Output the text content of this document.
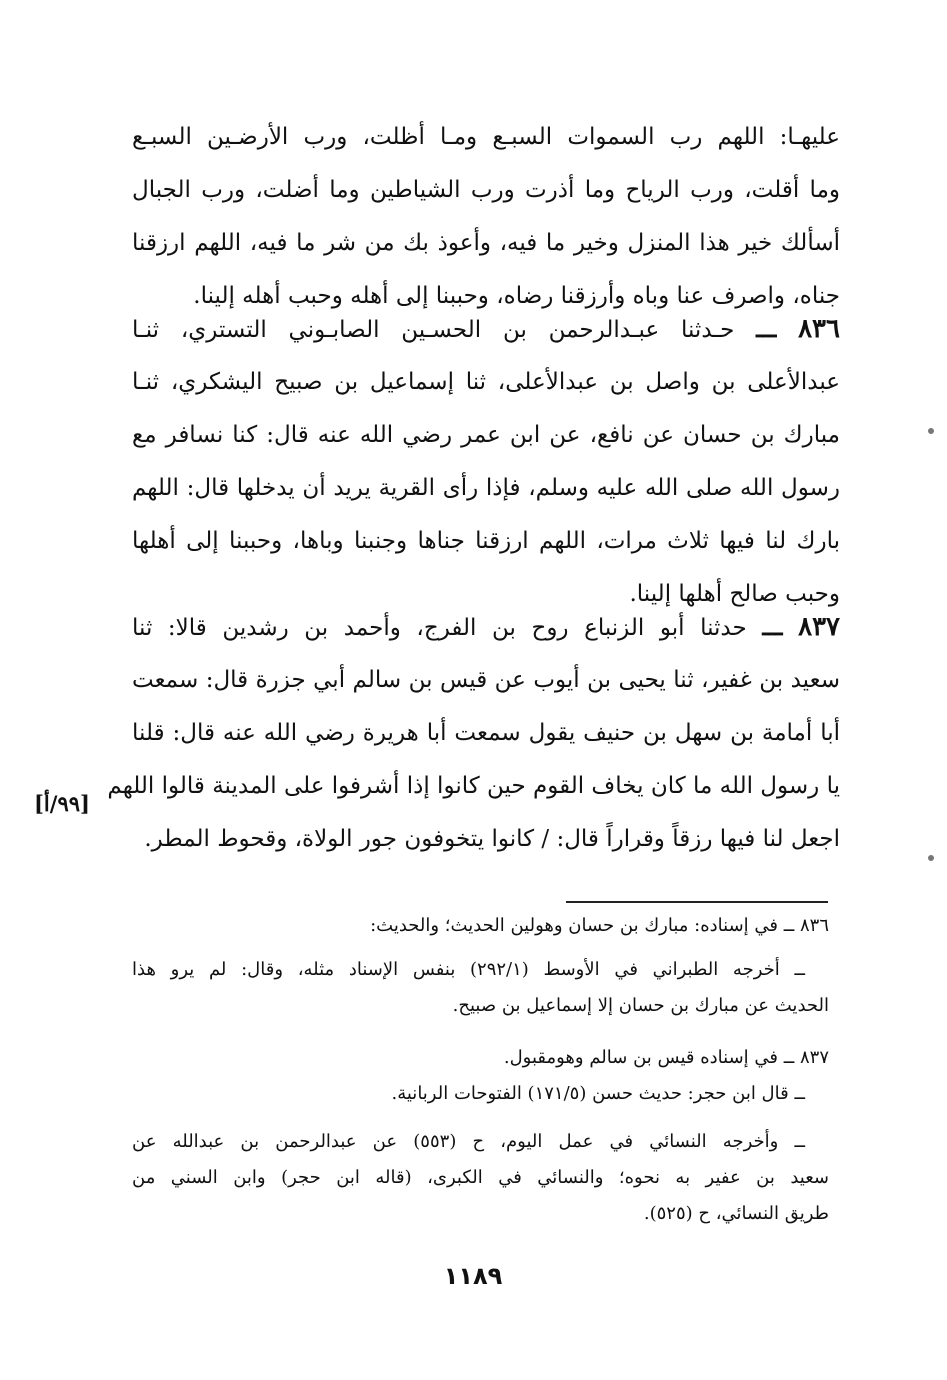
عليهـا: اللهم رب السموات السبـع ومـا أظلت، ورب الأرضـين السبـع
وما أقلت، ورب الرياح وما أذرت ورب الشياطين وما أضلت، ورب الجبال
أسألك خير هذا المنزل وخير ما فيه، وأعوذ بك من شر ما فيه، اللهم ارزقنا
جناه، واصرف عنا وباه وأرزقنا رضاه، وحببنا إلى أهله وحبب أهله إلينا.
٨٣٦ ـــ حـدثنا عبـدالرحمن بن الحسـين الصابـوني التستري، ثنـا
عبدالأعلى بن واصل بن عبدالأعلى، ثنا إسماعيل بن صبيح اليشكري، ثنـا
مبارك بن حسان عن نافع، عن ابن عمر رضي الله عنه قال: كنا نسافر مع
رسول الله صلى الله عليه وسلم، فإذا رأى القرية يريد أن يدخلها قال: اللهم
بارك لنا فيها ثلاث مرات، اللهم ارزقنا جناها وجنبنا وباها، وحببنا إلى أهلها
وحبب صالح أهلها إلينا.
٨٣٧ ـــ حدثنا أبو الزنباع روح بن الفرج، وأحمد بن رشدين قالا: ثنا
سعيد بن غفير، ثنا يحيى بن أيوب عن قيس بن سالم أبي جزرة قال: سمعت
أبا أمامة بن سهل بن حنيف يقول سمعت أبا هريرة رضي الله عنه قال: قلنا
يا رسول الله ما كان يخاف القوم حين كانوا إذا أشرفوا على المدينة قالوا اللهم
اجعل لنا فيها رزقاً وقراراً قال: / كانوا يتخوفون جور الولاة، وقحوط المطر.
[٩٩/أ]
٨٣٦ ــ في إسناده: مبارك بن حسان وهولين الحديث؛ والحديث:
ــ أخرجه الطبراني في الأوسط (٢٩٢/١) بنفس الإسناد مثله، وقال: لم يرو هذا
الحديث عن مبارك بن حسان إلا إسماعيل بن صبيح.
٨٣٧ ــ في إسناده قيس بن سالم وهومقبول.
ــ قال ابن حجر: حديث حسن (١٧١/٥) الفتوحات الربانية.
ــ وأخرجه النسائي في عمل اليوم، ح (٥٥٣) عن عبدالرحمن بن عبدالله عن
سعيد بن عفير به نحوه؛ والنسائي في الكبرى، (قاله ابن حجر) وابن السني من
طريق النسائي، ح (٥٢٥).
١١٨٩
